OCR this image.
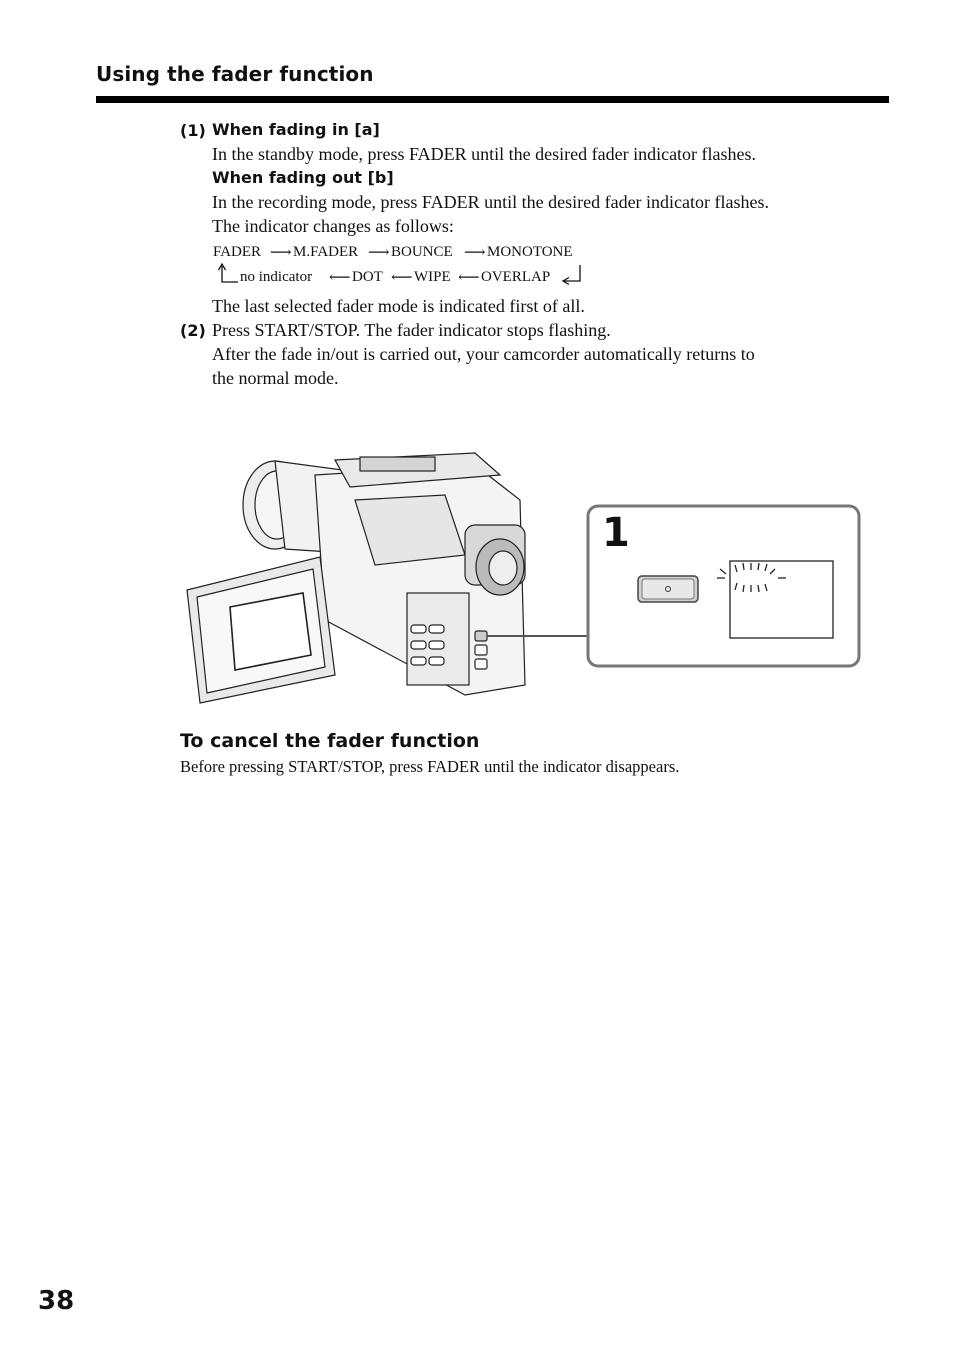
Using the fader function
(1) When fading in [a]
In the standby mode, press FADER until the desired fader indicator flashes.
When fading out [b]
In the recording mode, press FADER until the desired fader indicator flashes.
The indicator changes as follows:
FADER ⟶ M.FADER ⟶ BOUNCE ⟶ MONOTONE
no indicator ⟵ DOT ⟵ WIPE ⟵ OVERLAP
The last selected fader mode is indicated first of all.
(2) Press START/STOP. The fader indicator stops flashing.
After the fade in/out is carried out, your camcorder automatically returns to
the normal mode.
1
To cancel the fader function
Before pressing START/STOP, press FADER until the indicator disappears.
38
